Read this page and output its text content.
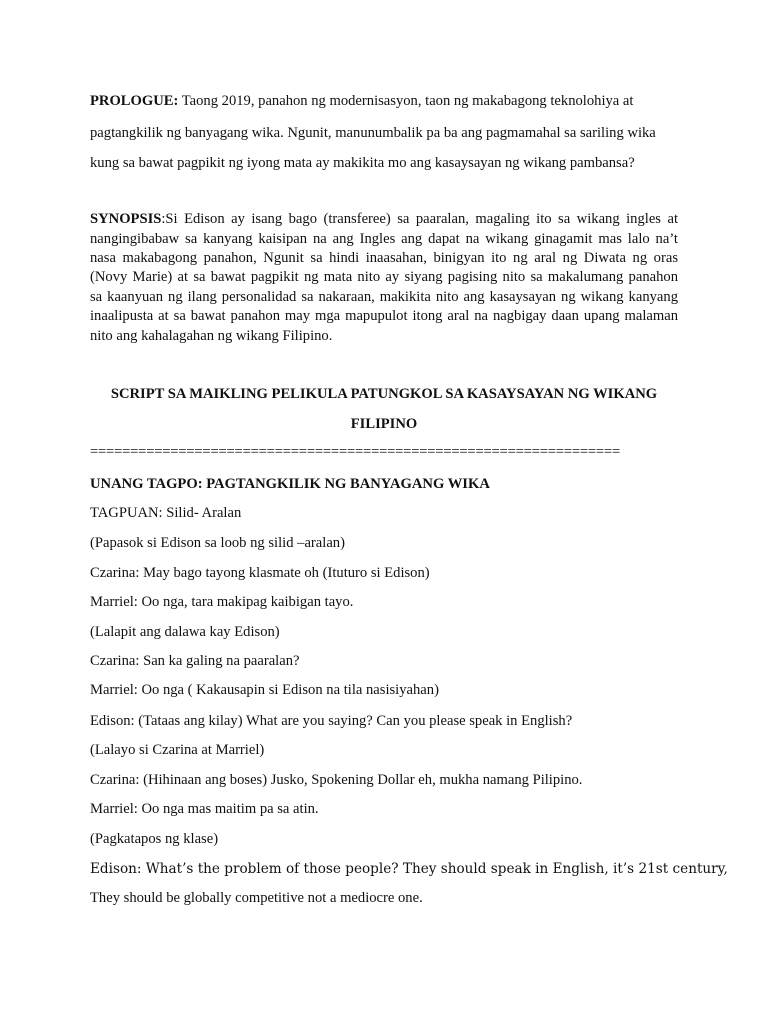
PROLOGUE: Taong 2019, panahon ng modernisasyon, taon ng makabagong teknolohiya at
pagtangkilik ng banyagang wika. Ngunit, manunumbalik pa ba ang pagmamahal sa sariling wika
kung sa bawat pagpikit ng iyong mata ay makikita mo ang kasaysayan ng wikang pambansa?
SYNOPSIS:Si Edison ay isang bago (transferee) sa paaralan, magaling ito sa wikang ingles at
nangingibabaw sa kanyang kaisipan na ang Ingles ang dapat na wikang ginagamit mas lalo na’t
nasa makabagong panahon, Ngunit sa hindi inaasahan, binigyan ito ng aral ng Diwata ng oras
(Novy Marie) at sa bawat pagpikit ng mata nito ay siyang pagising nito sa makalumang panahon
sa kaanyuan ng ilang personalidad sa nakaraan, makikita nito ang kasaysayan ng wikang kanyang
inaalipusta at sa bawat panahon may mga mapupulot itong aral na nagbigay daan upang malaman
nito ang kahalagahan ng wikang Filipino.
SCRIPT SA MAIKLING PELIKULA PATUNGKOL SA KASAYSAYAN NG WIKANG
FILIPINO
==================================================================
UNANG TAGPO: PAGTANGKILIK NG BANYAGANG WIKA
TAGPUAN: Silid- Aralan
(Papasok si Edison sa loob ng silid –aralan)
Czarina: May bago tayong klasmate oh (Ituturo si Edison)
Marriel: Oo nga, tara makipag kaibigan tayo.
(Lalapit ang dalawa kay Edison)
Czarina: San ka galing na paaralan?
Marriel: Oo nga ( Kakausapin si Edison na tila nasisiyahan)
Edison: (Tataas ang kilay) What are you saying? Can you please speak in English?
(Lalayo si Czarina at Marriel)
Czarina: (Hihinaan ang boses) Jusko, Spokening Dollar eh, mukha namang Pilipino.
Marriel: Oo nga mas maitim pa sa atin.
(Pagkatapos ng klase)
Edison: What’s the problem of those people? They should speak in English, it’s 21st century,
They should be globally competitive not a mediocre one.
